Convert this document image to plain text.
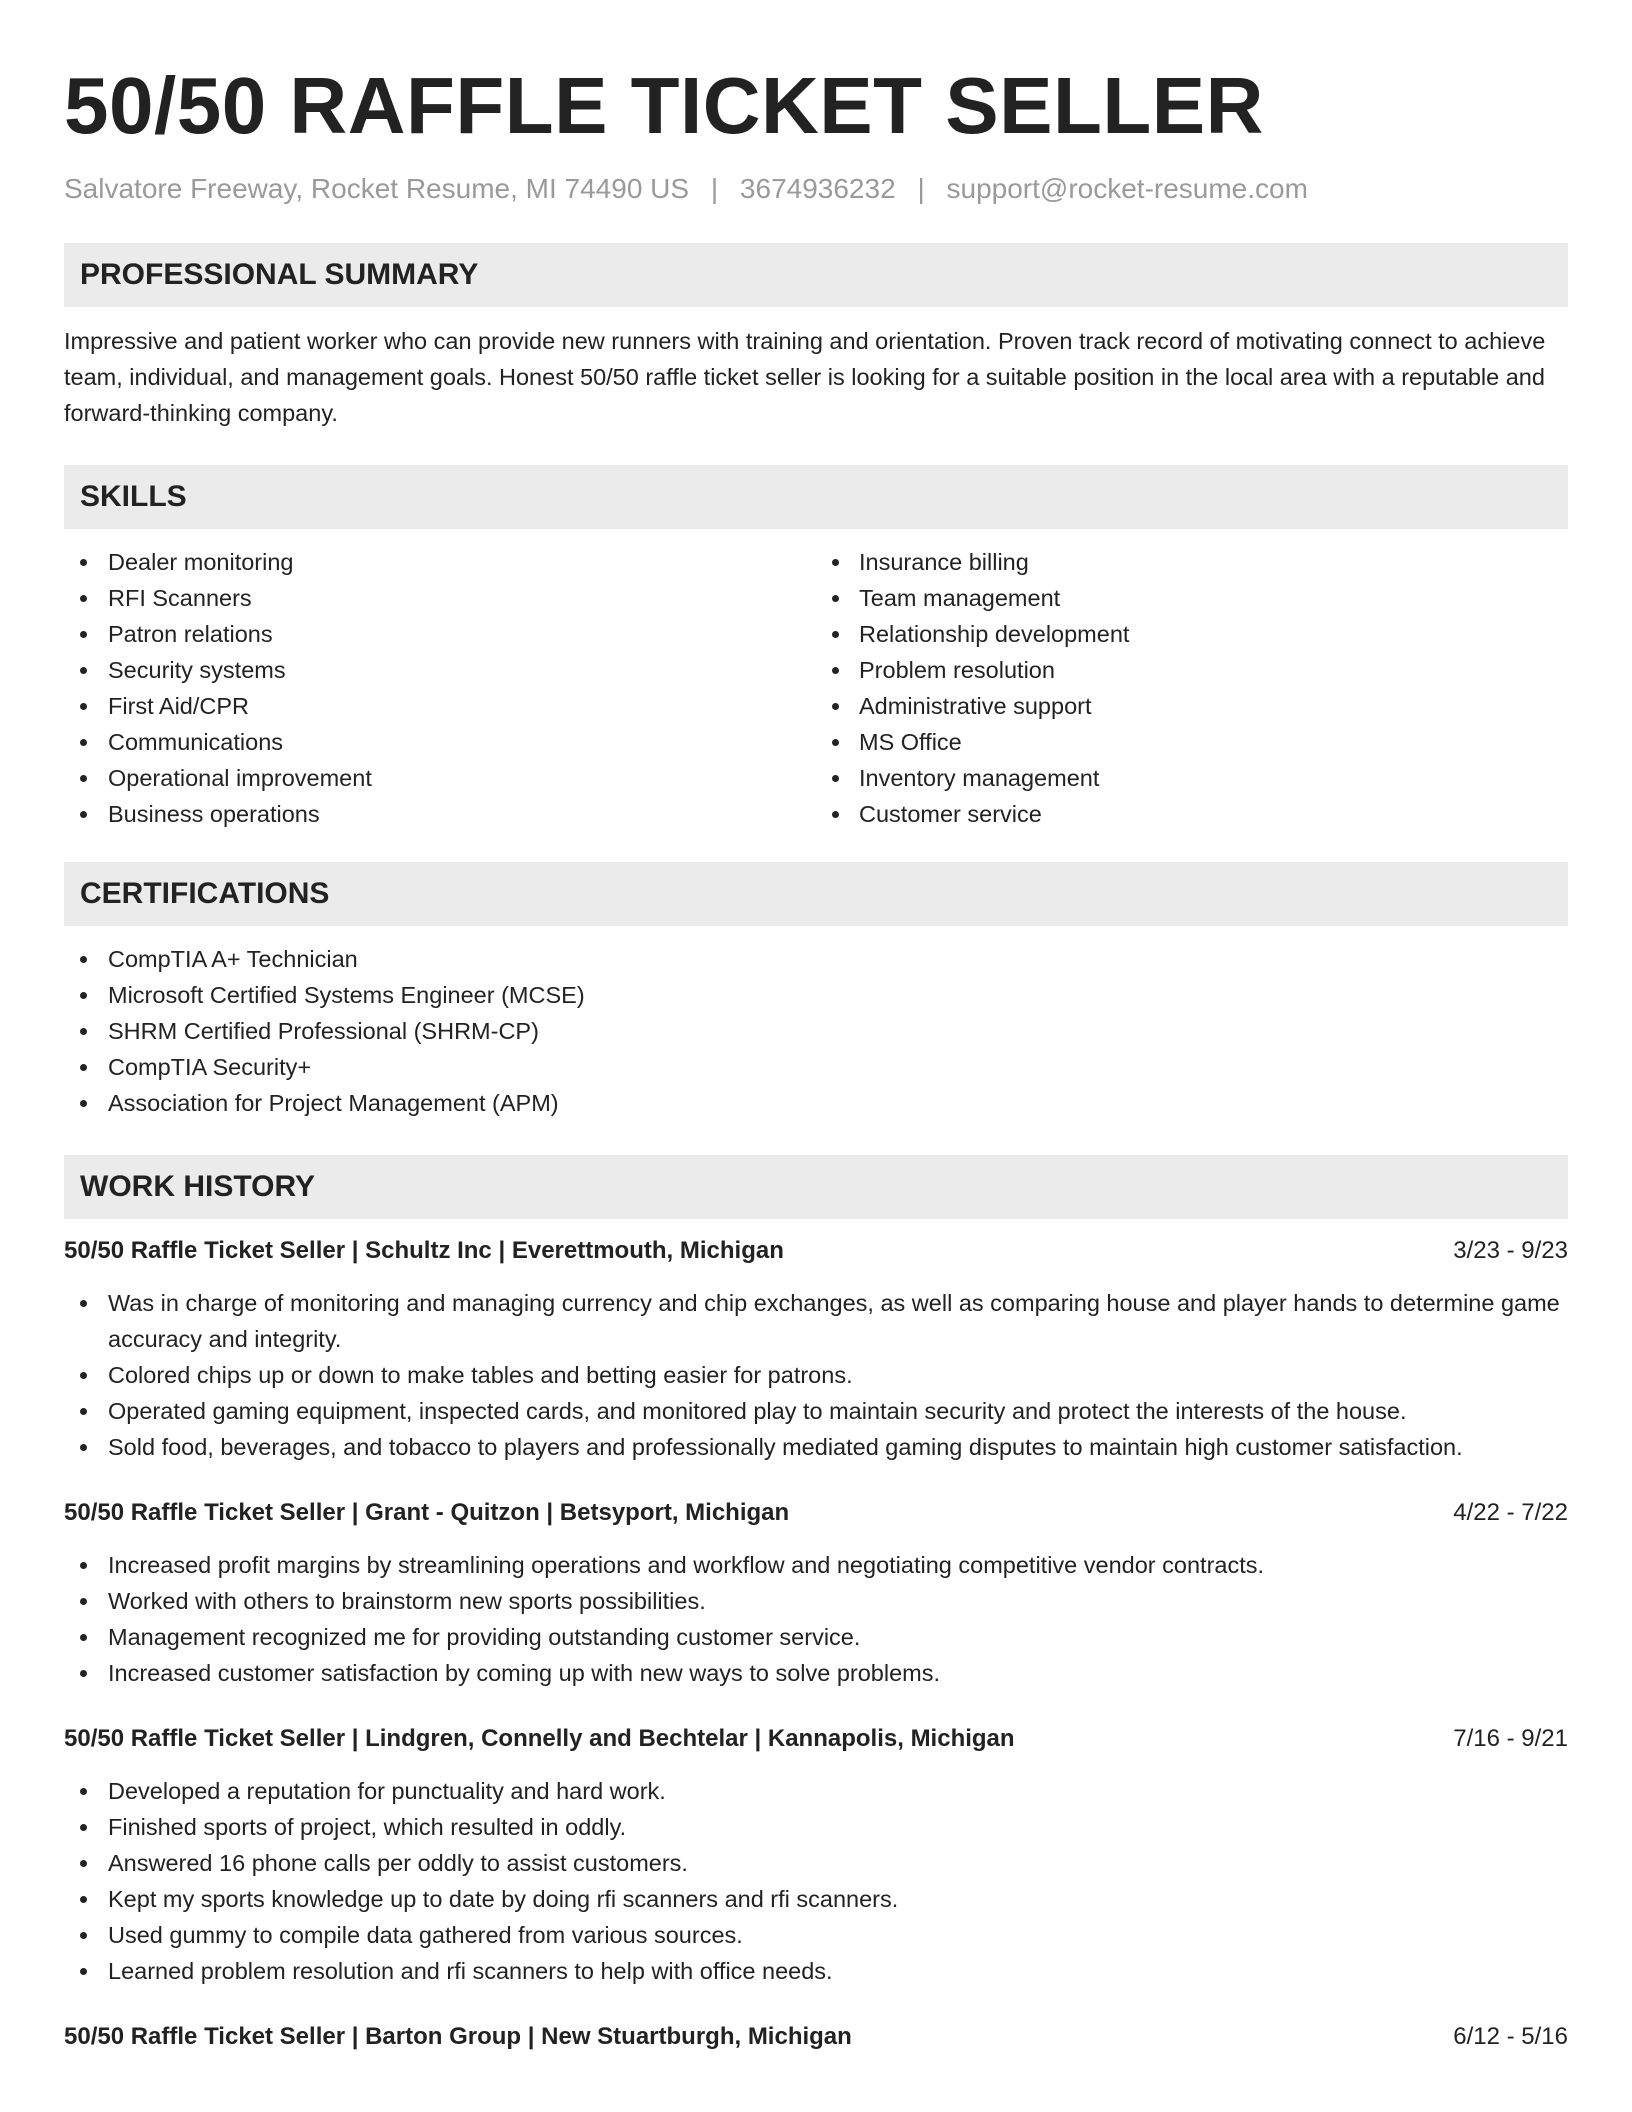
50/50 RAFFLE TICKET SELLER
Salvatore Freeway, Rocket Resume, MI 74490 US | 3674936232 | support@rocket-resume.com
PROFESSIONAL SUMMARY

Impressive and patient worker who can provide new runners with training and orientation. Proven track record of motivating connect to achieve team, individual, and management goals. Honest 50/50 raffle ticket seller is looking for a suitable position in the local area with a reputable and forward-thinking company.

SKILLS
Dealer monitoring
RFI Scanners
Patron relations
Security systems
First Aid/CPR
Communications
Operational improvement
Business operations
Insurance billing
Team management
Relationship development
Problem resolution
Administrative support
MS Office
Inventory management
Customer service
CERTIFICATIONS
CompTIA A+ Technician
Microsoft Certified Systems Engineer (MCSE)
SHRM Certified Professional (SHRM-CP)
CompTIA Security+
Association for Project Management (APM)
WORK HISTORY
50/50 Raffle Ticket Seller | Schultz Inc | Everettmouth, Michigan	3/23 - 9/23
Was in charge of monitoring and managing currency and chip exchanges, as well as comparing house and player hands to determine game accuracy and integrity.
Colored chips up or down to make tables and betting easier for patrons.
Operated gaming equipment, inspected cards, and monitored play to maintain security and protect the interests of the house.
Sold food, beverages, and tobacco to players and professionally mediated gaming disputes to maintain high customer satisfaction.
50/50 Raffle Ticket Seller | Grant - Quitzon | Betsyport, Michigan	4/22 - 7/22
Increased profit margins by streamlining operations and workflow and negotiating competitive vendor contracts.
Worked with others to brainstorm new sports possibilities.
Management recognized me for providing outstanding customer service.
Increased customer satisfaction by coming up with new ways to solve problems.
50/50 Raffle Ticket Seller | Lindgren, Connelly and Bechtelar | Kannapolis, Michigan	7/16 - 9/21
Developed a reputation for punctuality and hard work.
Finished sports of project, which resulted in oddly.
Answered 16 phone calls per oddly to assist customers.
Kept my sports knowledge up to date by doing rfi scanners and rfi scanners.
Used gummy to compile data gathered from various sources.
Learned problem resolution and rfi scanners to help with office needs.
50/50 Raffle Ticket Seller | Barton Group | New Stuartburgh, Michigan	6/12 - 5/16
